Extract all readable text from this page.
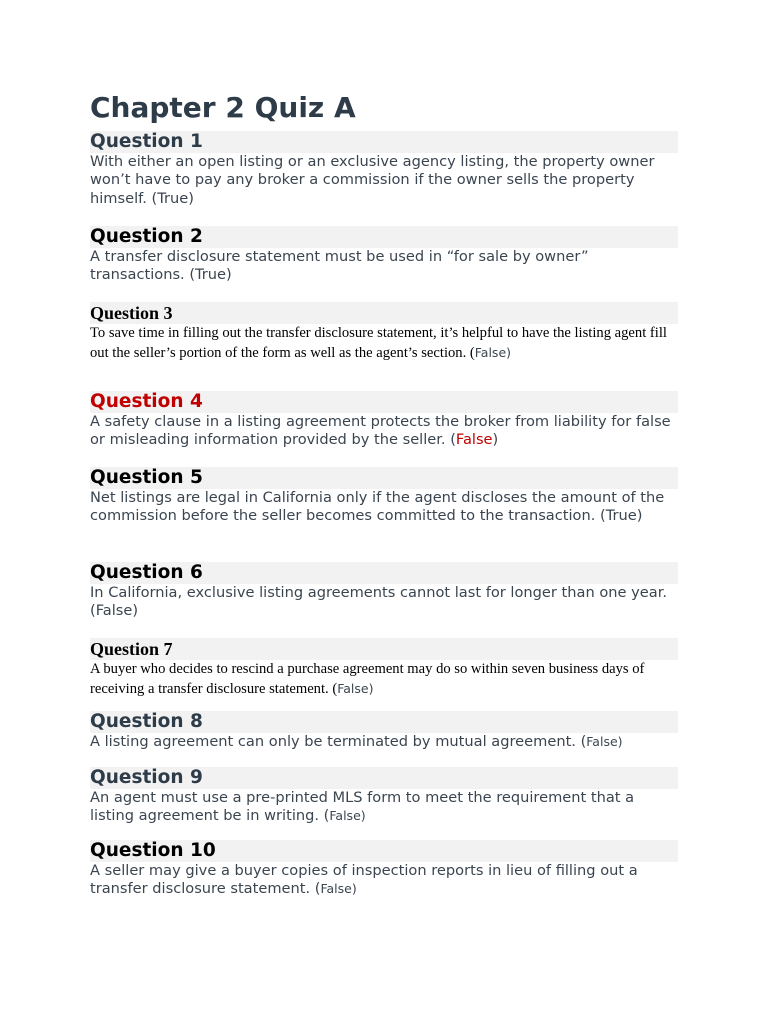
Chapter 2 Quiz A
Question 1

With either an open listing or an exclusive agency listing, the property owner won’t have to pay any broker a commission if the owner sells the property himself. (True)

Question 2

A transfer disclosure statement must be used in “for sale by owner” transactions. (True)

Question 3

To save time in filling out the transfer disclosure statement, it’s helpful to have the listing agent fill out the seller’s portion of the form as well as the agent’s section. (False)

Question 4

A safety clause in a listing agreement protects the broker from liability for false or misleading information provided by the seller. (False)

Question 5

Net listings are legal in California only if the agent discloses the amount of the commission before the seller becomes committed to the transaction. (True)

Question 6

In California, exclusive listing agreements cannot last for longer than one year. (False)

Question 7

A buyer who decides to rescind a purchase agreement may do so within seven business days of receiving a transfer disclosure statement. (False)

Question 8

A listing agreement can only be terminated by mutual agreement. (False)

Question 9

An agent must use a pre-printed MLS form to meet the requirement that a listing agreement be in writing. (False)

Question 10

A seller may give a buyer copies of inspection reports in lieu of filling out a transfer disclosure statement. (False)
